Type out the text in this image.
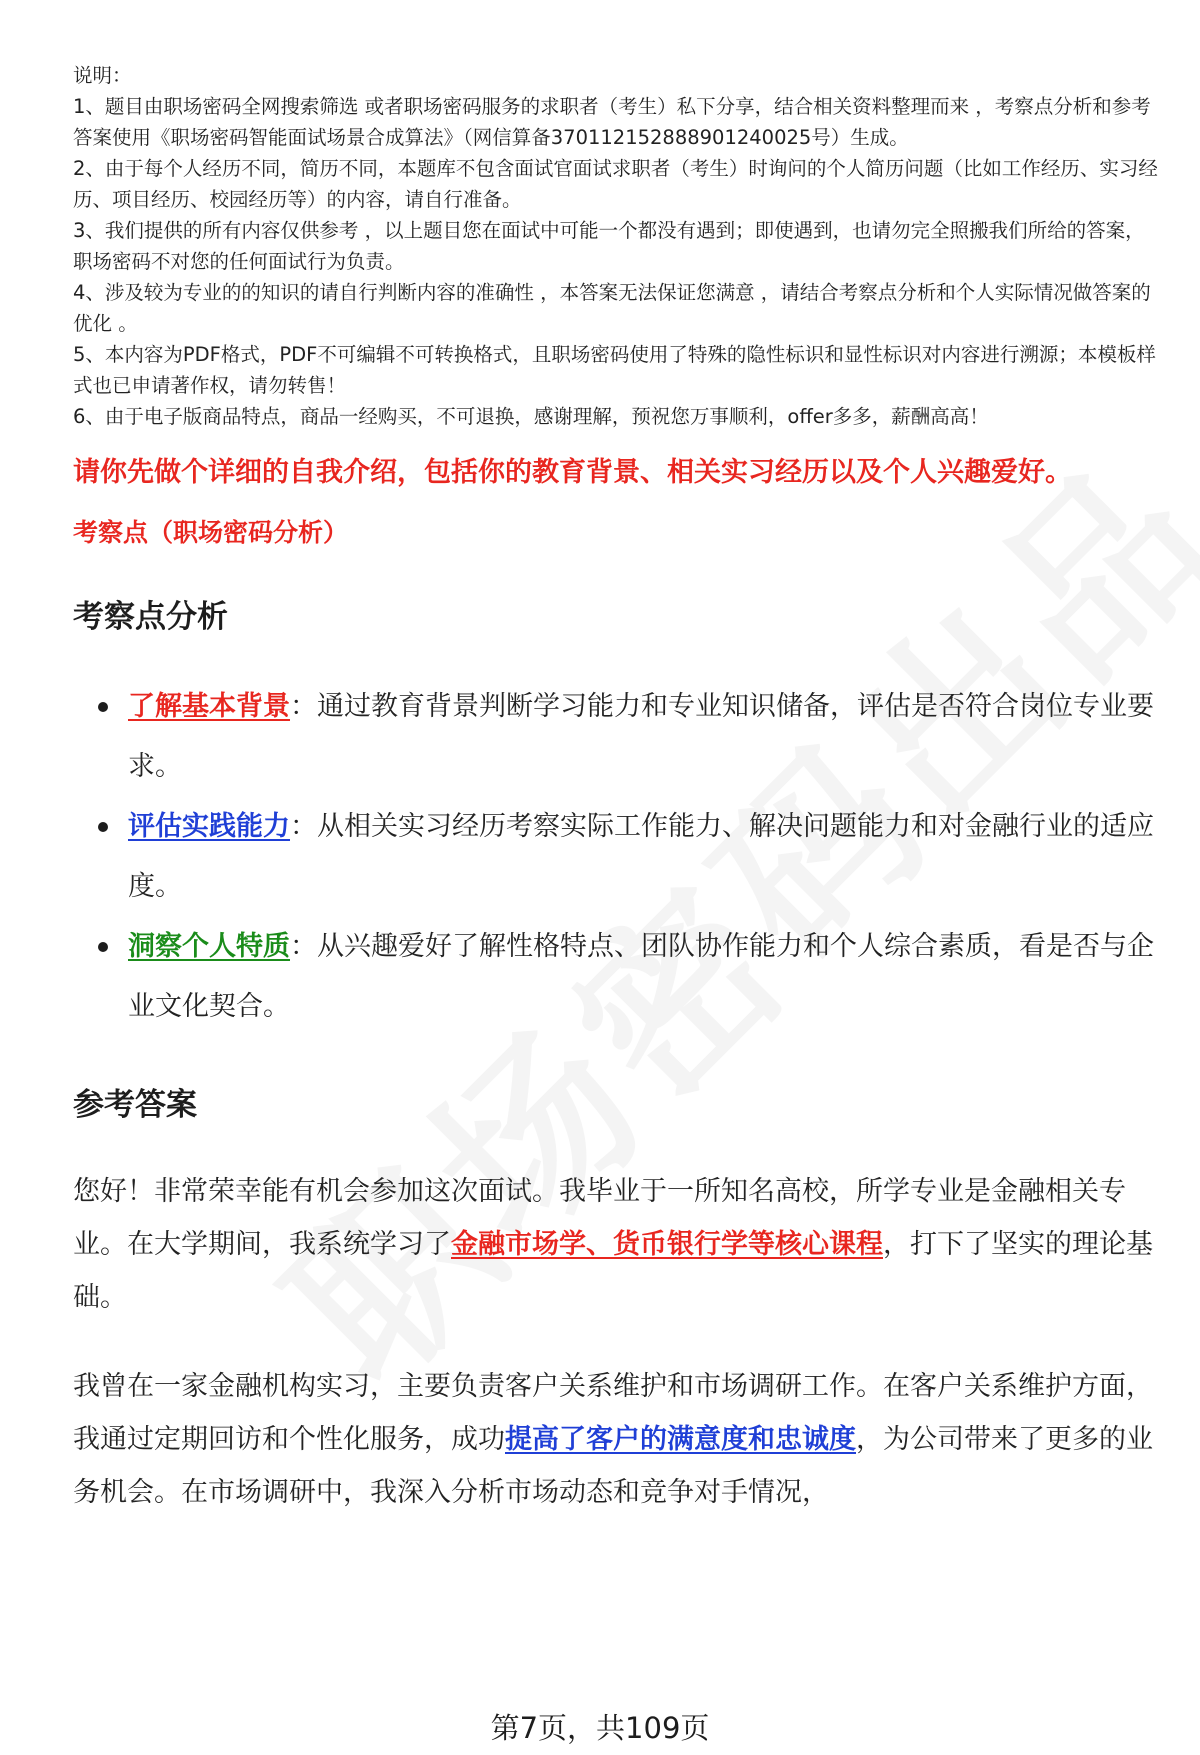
说明：

1、题目由职场密码全网搜索筛选 或者职场密码服务的求职者（考生）私下分享，结合相关资料整理而来 ，考察点分析和参考答案使用《职场密码智能面试场景合成算法》（网信算备370112152888901240025号）生成。

2、由于每个人经历不同，简历不同，本题库不包含面试官面试求职者（考生）时询问的个人简历问题（比如工作经历、实习经历、项目经历、校园经历等）的内容，请自行准备。

3、我们提供的所有内容仅供参考 ，以上题目您在面试中可能一个都没有遇到；即使遇到，也请勿完全照搬我们所给的答案，职场密码不对您的任何面试行为负责。

4、涉及较为专业的的知识的请自行判断内容的准确性 ，本答案无法保证您满意 ，请结合考察点分析和个人实际情况做答案的优化 。

5、本内容为PDF格式，PDF不可编辑不可转换格式，且职场密码使用了特殊的隐性标识和显性标识对内容进行溯源；本模板样式也已申请著作权，请勿转售！

6、由于电子版商品特点，商品一经购买，不可退换，感谢理解，预祝您万事顺利，offer多多，薪酬高高！

请你先做个详细的自我介绍，包括你的教育背景、相关实习经历以及个人兴趣爱好。
考察点（职场密码分析）
考察点分析
了解基本背景：通过教育背景判断学习能力和专业知识储备，评估是否符合岗位专业要求。
评估实践能力：从相关实习经历考察实际工作能力、解决问题能力和对金融行业的适应度。
洞察个人特质：从兴趣爱好了解性格特点、团队协作能力和个人综合素质，看是否与企业文化契合。
参考答案

您好！非常荣幸能有机会参加这次面试。我毕业于一所知名高校，所学专业是金融相关专业。在大学期间，我系统学习了金融市场学、货币银行学等核心课程，打下了坚实的理论基础。

我曾在一家金融机构实习，主要负责客户关系维护和市场调研工作。在客户关系维护方面，我通过定期回访和个性化服务，成功提高了客户的满意度和忠诚度，为公司带来了更多的业务机会。在市场调研中，我深入分析市场动态和竞争对手情况，

第7页，共109页
